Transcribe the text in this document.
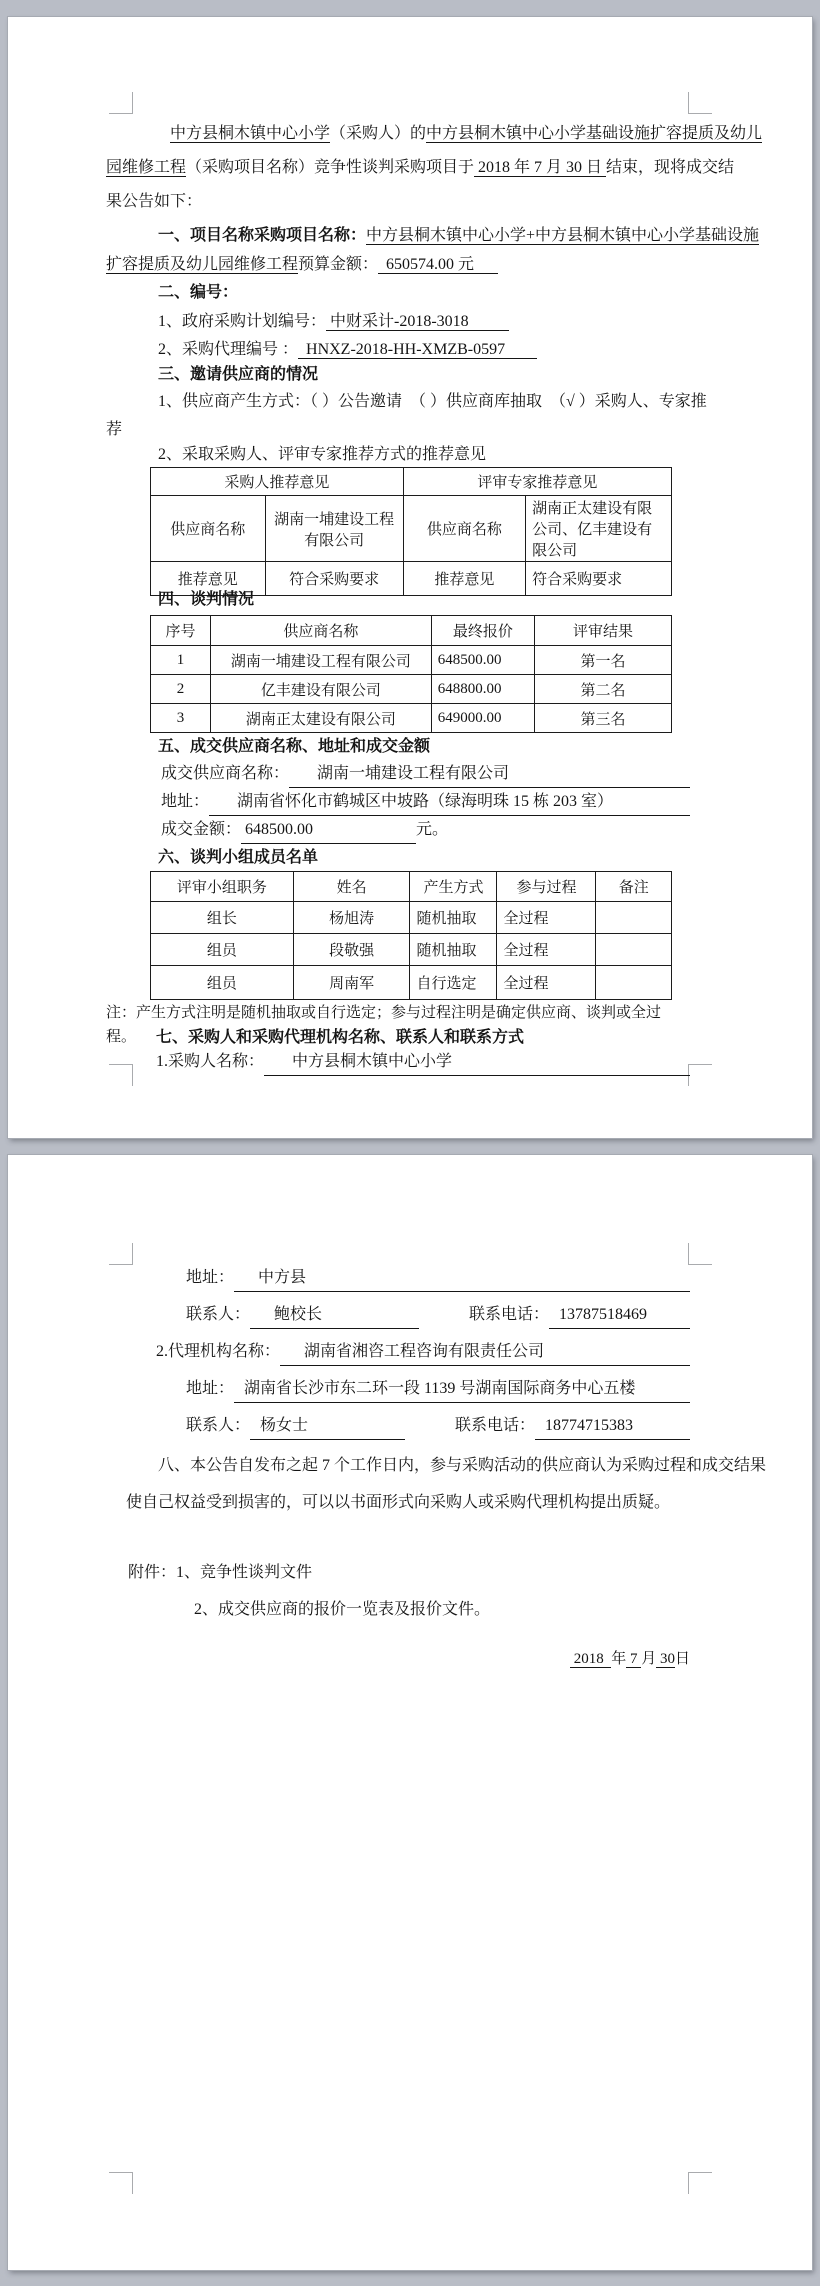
中方县桐木镇中心小学（采购人）的中方县桐木镇中心小学基础设施扩容提质及幼儿
园维修工程（采购项目名称）竞争性谈判采购项目于 2018 年 7 月 30 日 结束，现将成交结
果公告如下：
一、项目名称采购项目名称：中方县桐木镇中心小学+中方县桐木镇中心小学基础设施
扩容提质及幼儿园维修工程预算金额：  650574.00 元
二、编号：
1、政府采购计划编号： 中财采计-2018-3018
2、采购代理编号 ：  HNXZ-2018-HH-XMZB-0597
三、邀请供应商的情况
1、供应商产生方式：（ ）公告邀请　（ ）供应商库抽取　（√ ）采购人、专家推
荐
2、采取采购人、评审专家推荐方式的推荐意见
采购人推荐意见		评审专家推荐意见	
供应商名称	湖南一埔建设工程有限公司	供应商名称	湖南正太建设有限公司、亿丰建设有限公司
推荐意见	符合采购要求	推荐意见	符合采购要求
四、谈判情况
序号	供应商名称	最终报价	评审结果
1	湖南一埔建设工程有限公司	648500.00	第一名
2	亿丰建设有限公司	648800.00	第二名
3	湖南正太建设有限公司	649000.00	第三名
五、成交供应商名称、地址和成交金额
成交供应商名称：	湖南一埔建设工程有限公司
地址：	湖南省怀化市鹤城区中坡路（绿海明珠 15 栋 203 室）
成交金额： 648500.00	元。
六、谈判小组成员名单
评审小组职务	姓名	产生方式	参与过程	备注
组长	杨旭涛	随机抽取	全过程	
组员	段敬强	随机抽取	全过程	
组员	周南军	自行选定	全过程	
注：产生方式注明是随机抽取或自行选定；参与过程注明是确定供应商、谈判或全过程。	七、采购人和采购代理机构名称、联系人和联系方式
1.采购人名称：	中方县桐木镇中心小学
地址：	中方县
联系人：	鲍校长	联系电话： 13787518469
2.代理机构名称：	湖南省湘咨工程咨询有限责任公司
地址： 湖南省长沙市东二环一段 1139 号湖南国际商务中心五楼
联系人： 杨女士	联系电话： 18774715383
八、本公告自发布之起 7 个工作日内，参与采购活动的供应商认为采购过程和成交结果
使自己权益受到损害的，可以以书面形式向采购人或采购代理机构提出质疑。
附件：1、竞争性谈判文件
2、成交供应商的报价一览表及报价文件。
2018  年 7 月 30日
